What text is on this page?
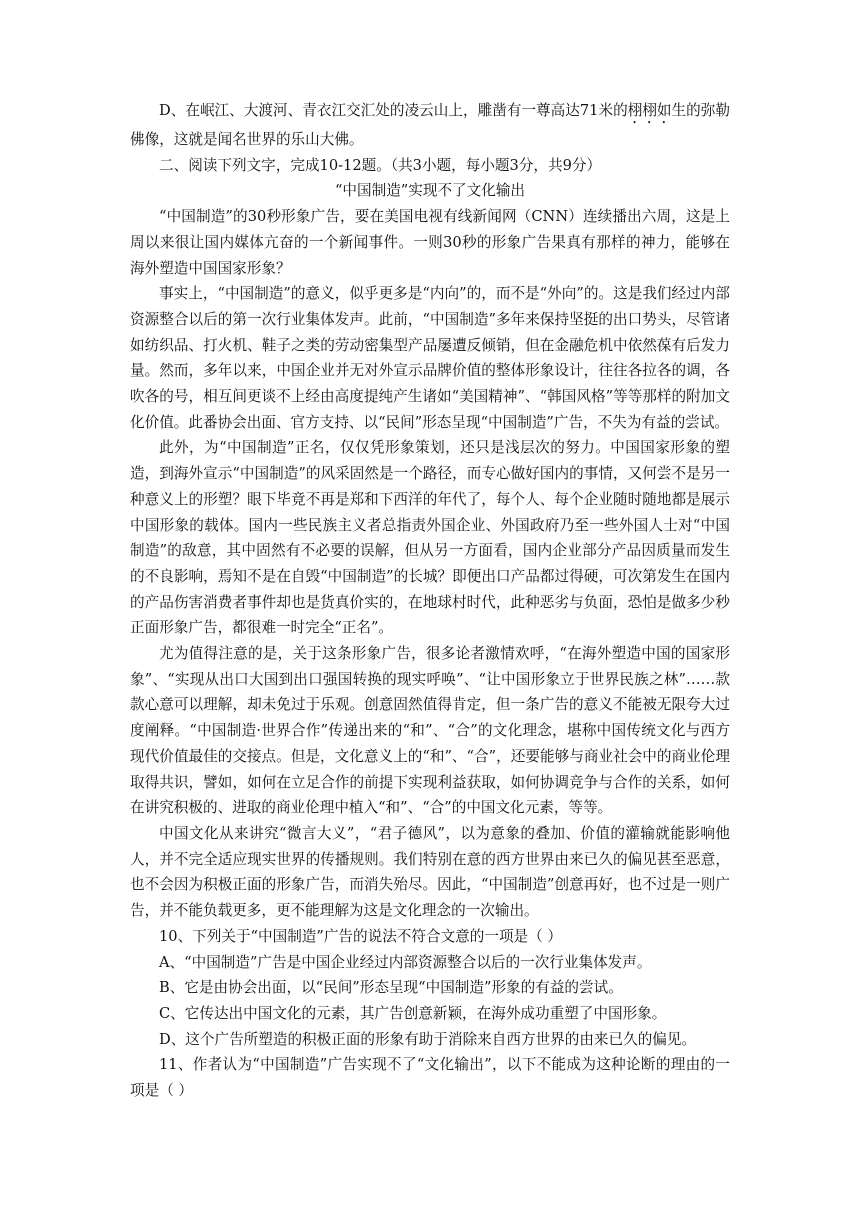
D、在岷江、大渡河、青衣江交汇处的凌云山上，雕凿有一尊高达71米的栩栩如生的弥勒佛像，这就是闻名世界的乐山大佛。

二、阅读下列文字，完成10-12题。（共3小题，每小题3分，共9分）

“中国制造”实现不了文化输出

“中国制造”的30秒形象广告，要在美国电视有线新闻网（CNN）连续播出六周，这是上周以来很让国内媒体亢奋的一个新闻事件。一则30秒的形象广告果真有那样的神力，能够在海外塑造中国国家形象？

事实上，“中国制造”的意义，似乎更多是“内向”的，而不是“外向”的。这是我们经过内部资源整合以后的第一次行业集体发声。此前，“中国制造”多年来保持坚挺的出口势头，尽管诸如纺织品、打火机、鞋子之类的劳动密集型产品屡遭反倾销，但在金融危机中依然葆有后发力量。然而，多年以来，中国企业并无对外宣示品牌价值的整体形象设计，往往各拉各的调，各吹各的号，相互间更谈不上经由高度提纯产生诸如“美国精神”、“韩国风格”等等那样的附加文化价值。此番协会出面、官方支持、以“民间”形态呈现“中国制造”广告，不失为有益的尝试。

此外，为“中国制造”正名，仅仅凭形象策划，还只是浅层次的努力。中国国家形象的塑造，到海外宣示“中国制造”的风采固然是一个路径，而专心做好国内的事情，又何尝不是另一种意义上的形塑？眼下毕竟不再是郑和下西洋的年代了，每个人、每个企业随时随地都是展示中国形象的载体。国内一些民族主义者总指责外国企业、外国政府乃至一些外国人士对“中国制造”的敌意，其中固然有不必要的误解，但从另一方面看，国内企业部分产品因质量而发生的不良影响，焉知不是在自毁“中国制造”的长城？即便出口产品都过得硬，可次第发生在国内的产品伤害消费者事件却也是货真价实的，在地球村时代，此种恶劣与负面，恐怕是做多少秒正面形象广告，都很难一时完全“正名”。

尤为值得注意的是，关于这条形象广告，很多论者激情欢呼，“在海外塑造中国的国家形象”、“实现从出口大国到出口强国转换的现实呼唤”、“让中国形象立于世界民族之林”……款款心意可以理解，却未免过于乐观。创意固然值得肯定，但一条广告的意义不能被无限夸大过度阐释。“中国制造·世界合作”传递出来的“和”、“合”的文化理念，堪称中国传统文化与西方现代价值最佳的交接点。但是，文化意义上的“和”、“合”，还要能够与商业社会中的商业伦理取得共识，譬如，如何在立足合作的前提下实现利益获取，如何协调竞争与合作的关系，如何在讲究积极的、进取的商业伦理中植入“和”、“合”的中国文化元素，等等。

中国文化从来讲究“微言大义”，“君子德风”，以为意象的叠加、价值的灌输就能影响他人，并不完全适应现实世界的传播规则。我们特别在意的西方世界由来已久的偏见甚至恶意，也不会因为积极正面的形象广告，而消失殆尽。因此，“中国制造”创意再好，也不过是一则广告，并不能负载更多，更不能理解为这是文化理念的一次输出。

10、下列关于“中国制造”广告的说法不符合文意的一项是（ ）

A、“中国制造”广告是中国企业经过内部资源整合以后的一次行业集体发声。

B、它是由协会出面，以“民间”形态呈现“中国制造”形象的有益的尝试。

C、它传达出中国文化的元素，其广告创意新颖，在海外成功重塑了中国形象。

D、这个广告所塑造的积极正面的形象有助于消除来自西方世界的由来已久的偏见。

11、作者认为“中国制造”广告实现不了“文化输出”，以下不能成为这种论断的理由的一项是（ ）
